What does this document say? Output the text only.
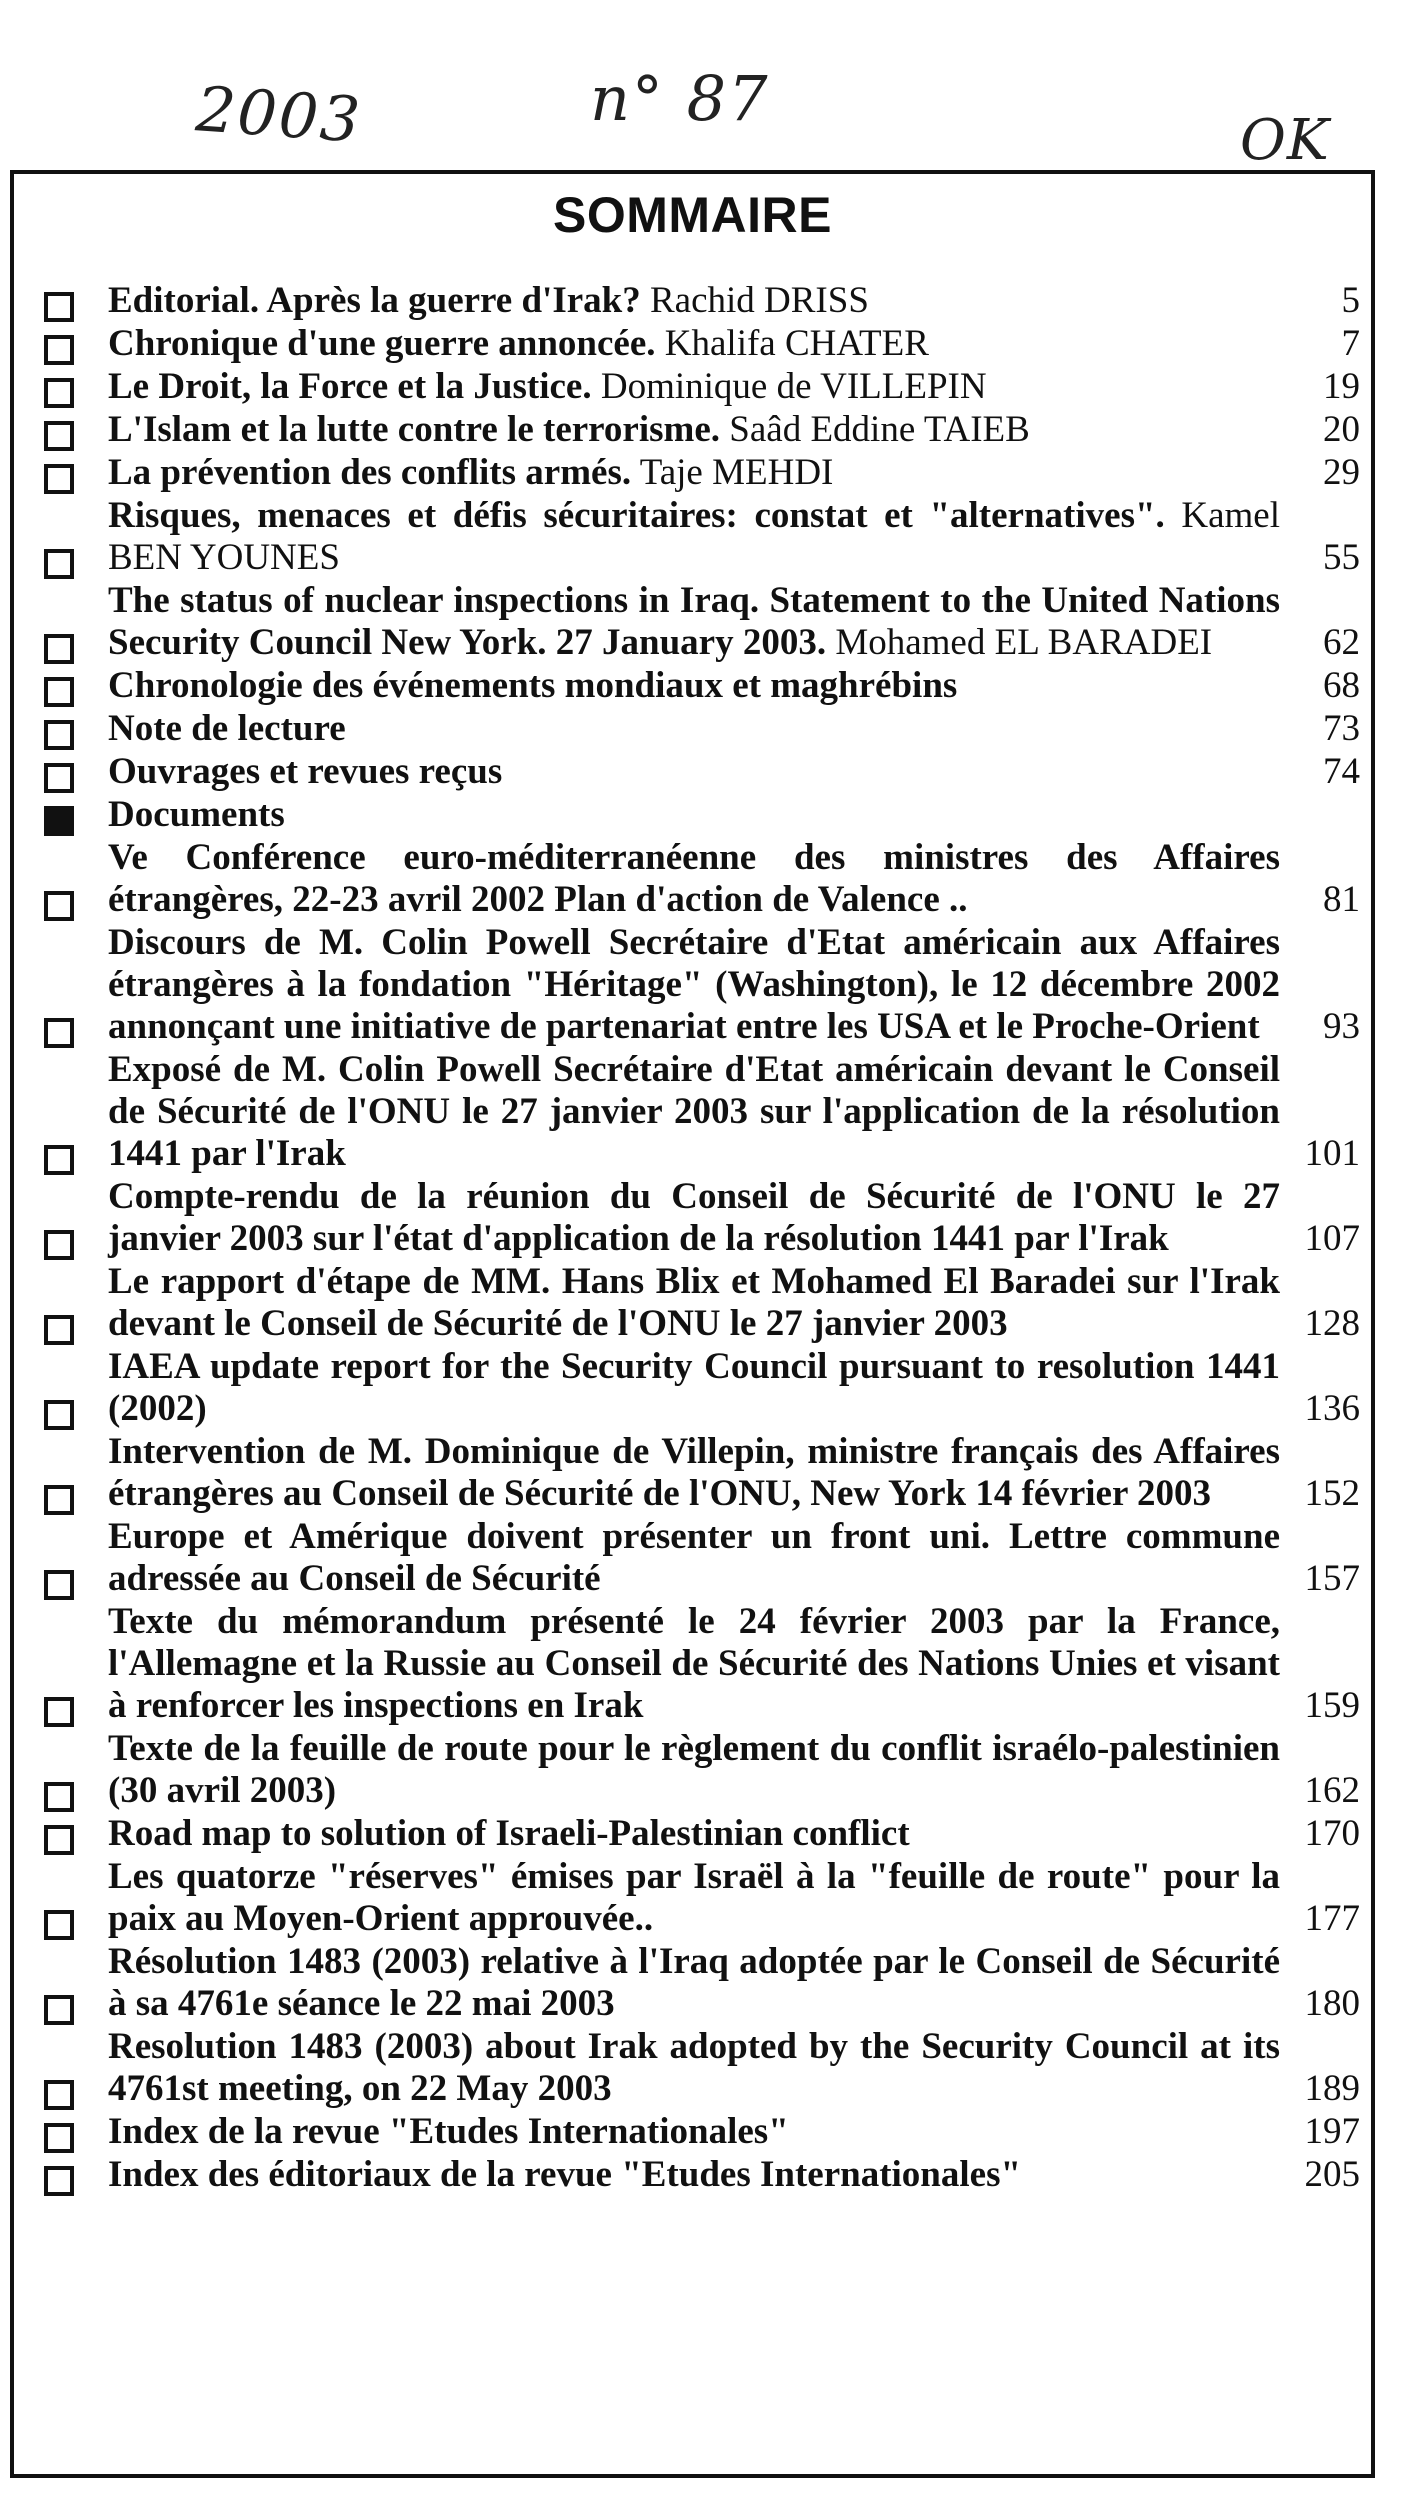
2003	n° 87
OK
SOMMAIRE
Editorial. Après la guerre d'Irak? Rachid DRISS	5
Chronique d'une guerre annoncée. Khalifa CHATER	7
Le Droit, la Force et la Justice. Dominique de VILLEPIN	19
L'Islam et la lutte contre le terrorisme. Saâd Eddine TAIEB	20
La prévention des conflits armés. Taje MEHDI	29
Risques, menaces et défis sécuritaires: constat et "alternatives". Kamel BEN YOUNES	55
The status of nuclear inspections in Iraq. Statement to the United Nations Security Council New York. 27 January 2003. Mohamed EL BARADEI	62
Chronologie des événements mondiaux et maghrébins	68
Note de lecture	73
Ouvrages et revues reçus	74
Documents
Ve Conférence euro-méditerranéenne des ministres des Affaires étrangères, 22-23 avril 2002 Plan d'action de Valence ..	81
Discours de M. Colin Powell Secrétaire d'Etat américain aux Affaires étrangères à la fondation "Héritage" (Washington), le 12 décembre 2002 annonçant une initiative de partenariat entre les USA et le Proche-Orient	93
Exposé de M. Colin Powell Secrétaire d'Etat américain devant le Conseil de Sécurité de l'ONU le 27 janvier 2003 sur l'application de la résolution 1441 par l'Irak	101
Compte-rendu de la réunion du Conseil de Sécurité de l'ONU le 27 janvier 2003 sur l'état d'application de la résolution 1441 par l'Irak	107
Le rapport d'étape de MM. Hans Blix et Mohamed El Baradei sur l'Irak devant le Conseil de Sécurité de l'ONU le 27 janvier 2003	128
IAEA update report for the Security Council pursuant to resolution 1441 (2002)	136
Intervention de M. Dominique de Villepin, ministre français des Affaires étrangères au Conseil de Sécurité de l'ONU, New York 14 février 2003	152
Europe et Amérique doivent présenter un front uni. Lettre commune adressée au Conseil de Sécurité	157
Texte du mémorandum présenté le 24 février 2003 par la France, l'Allemagne et la Russie au Conseil de Sécurité des Nations Unies et visant à renforcer les inspections en Irak	159
Texte de la feuille de route pour le règlement du conflit israélo-palestinien (30 avril 2003)	162
Road map to solution of Israeli-Palestinian conflict	170
Les quatorze "réserves" émises par Israël à la "feuille de route" pour la paix au Moyen-Orient approuvée..	177
Résolution 1483 (2003) relative à l'Iraq adoptée par le Conseil de Sécurité à sa 4761e séance le 22 mai 2003	180
Resolution 1483 (2003) about Irak adopted by the Security Council at its 4761st meeting, on 22 May 2003	189
Index de la revue "Etudes Internationales"	197
Index des éditoriaux de la revue "Etudes Internationales"	205
